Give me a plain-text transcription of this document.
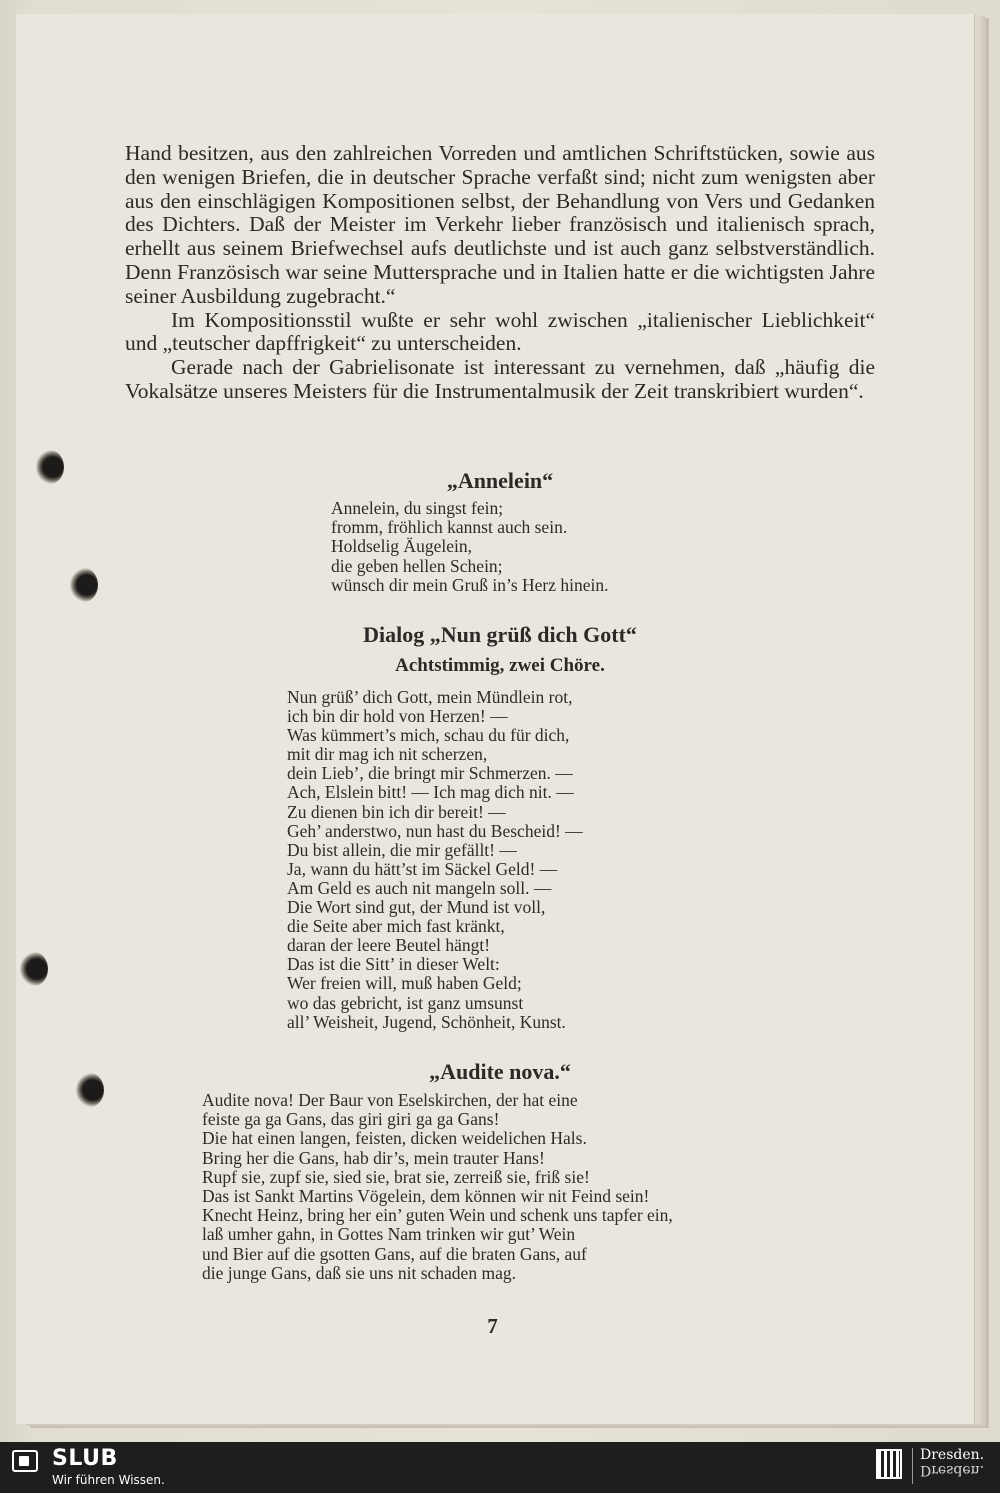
Hand besitzen, aus den zahlreichen Vorreden und amtlichen Schriftstücken, sowie aus den wenigen Briefen, die in deutscher Sprache verfaßt sind; nicht zum wenigsten aber aus den einschlägigen Kompositionen selbst, der Behandlung von Vers und Gedanken des Dichters. Daß der Meister im Verkehr lieber französisch und italienisch sprach, erhellt aus seinem Briefwechsel aufs deutlichste und ist auch ganz selbstverständlich. Denn Französisch war seine Muttersprache und in Italien hatte er die wichtigsten Jahre seiner Ausbildung zugebracht.“

Im Kompositionsstil wußte er sehr wohl zwischen „italienischer Lieblichkeit“ und „teutscher dapffrigkeit“ zu unterscheiden.

Gerade nach der Gabrielisonate ist interessant zu vernehmen, daß „häufig die Vokalsätze unseres Meisters für die Instrumentalmusik der Zeit transkribiert wurden“.

„Annelein“
Annelein, du singst fein;
fromm, fröhlich kannst auch sein.
Holdselig Äugelein,
die geben hellen Schein;
wünsch dir mein Gruß in’s Herz hinein.
Dialog „Nun grüß dich Gott“
Achtstimmig, zwei Chöre.
Nun grüß’ dich Gott, mein Mündlein rot,
ich bin dir hold von Herzen! —
Was kümmert’s mich, schau du für dich,
mit dir mag ich nit scherzen,
dein Lieb’, die bringt mir Schmerzen. —
Ach, Elslein bitt! — Ich mag dich nit. —
Zu dienen bin ich dir bereit! —
Geh’ anderstwo, nun hast du Bescheid! —
Du bist allein, die mir gefällt! —
Ja, wann du hätt’st im Säckel Geld! —
Am Geld es auch nit mangeln soll. —
Die Wort sind gut, der Mund ist voll,
die Seite aber mich fast kränkt,
daran der leere Beutel hängt!
Das ist die Sitt’ in dieser Welt:
Wer freien will, muß haben Geld;
wo das gebricht, ist ganz umsunst
all’ Weisheit, Jugend, Schönheit, Kunst.
„Audite nova.“
Audite nova! Der Baur von Eselskirchen, der hat eine
feiste ga ga Gans, das giri giri ga ga Gans!
Die hat einen langen, feisten, dicken weidelichen Hals.
Bring her die Gans, hab dir’s, mein trauter Hans!
Rupf sie, zupf sie, sied sie, brat sie, zerreiß sie, friß sie!
Das ist Sankt Martins Vögelein, dem können wir nit Feind sein!
Knecht Heinz, bring her ein’ guten Wein und schenk uns tapfer ein,
laß umher gahn, in Gottes Nam trinken wir gut’ Wein
und Bier auf die gsotten Gans, auf die braten Gans, auf
die junge Gans, daß sie uns nit schaden mag.
7
SLUB
Wir führen Wissen.
Dresden.
Dresden.
